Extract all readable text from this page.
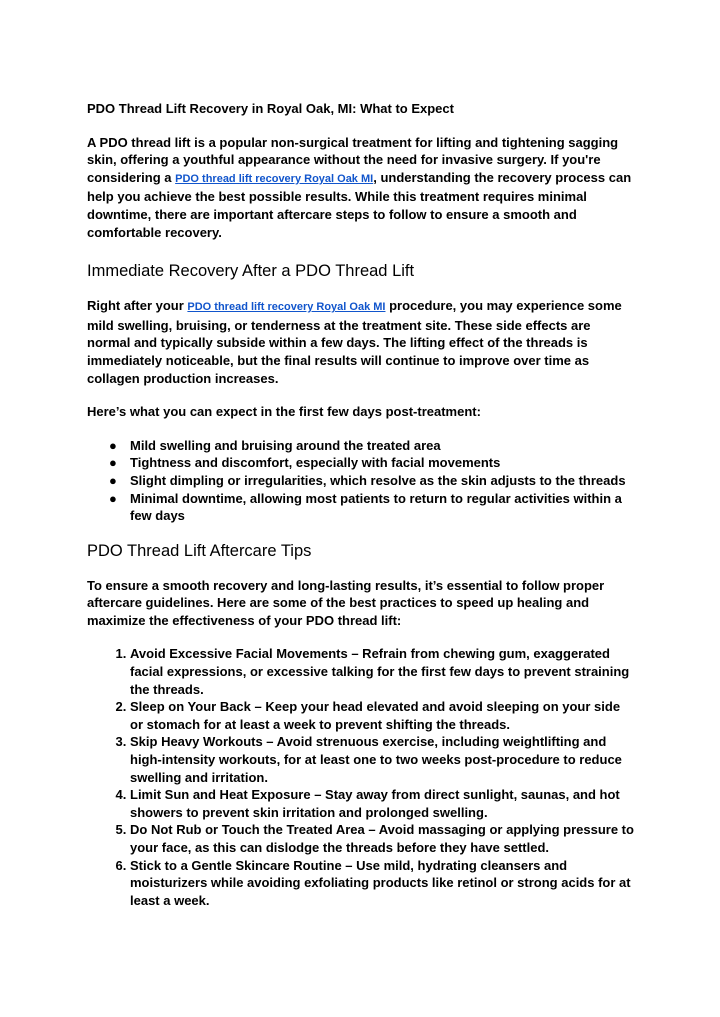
PDO Thread Lift Recovery in Royal Oak, MI: What to Expect

A PDO thread lift is a popular non-surgical treatment for lifting and tightening sagging skin, offering a youthful appearance without the need for invasive surgery. If you're considering a PDO thread lift recovery Royal Oak MI, understanding the recovery process can help you achieve the best possible results. While this treatment requires minimal downtime, there are important aftercare steps to follow to ensure a smooth and comfortable recovery.

Immediate Recovery After a PDO Thread Lift

Right after your PDO thread lift recovery Royal Oak MI procedure, you may experience some mild swelling, bruising, or tenderness at the treatment site. These side effects are normal and typically subside within a few days. The lifting effect of the threads is immediately noticeable, but the final results will continue to improve over time as collagen production increases.

Here’s what you can expect in the first few days post-treatment:

● Mild swelling and bruising around the treated area
● Tightness and discomfort, especially with facial movements
● Slight dimpling or irregularities, which resolve as the skin adjusts to the threads
● Minimal downtime, allowing most patients to return to regular activities within a few days
PDO Thread Lift Aftercare Tips

To ensure a smooth recovery and long-lasting results, it’s essential to follow proper aftercare guidelines. Here are some of the best practices to speed up healing and maximize the effectiveness of your PDO thread lift:

1. Avoid Excessive Facial Movements – Refrain from chewing gum, exaggerated facial expressions, or excessive talking for the first few days to prevent straining the threads.
2. Sleep on Your Back – Keep your head elevated and avoid sleeping on your side or stomach for at least a week to prevent shifting the threads.
3. Skip Heavy Workouts – Avoid strenuous exercise, including weightlifting and high-intensity workouts, for at least one to two weeks post-procedure to reduce swelling and irritation.
4. Limit Sun and Heat Exposure – Stay away from direct sunlight, saunas, and hot showers to prevent skin irritation and prolonged swelling.
5. Do Not Rub or Touch the Treated Area – Avoid massaging or applying pressure to your face, as this can dislodge the threads before they have settled.
6. Stick to a Gentle Skincare Routine – Use mild, hydrating cleansers and moisturizers while avoiding exfoliating products like retinol or strong acids for at least a week.
